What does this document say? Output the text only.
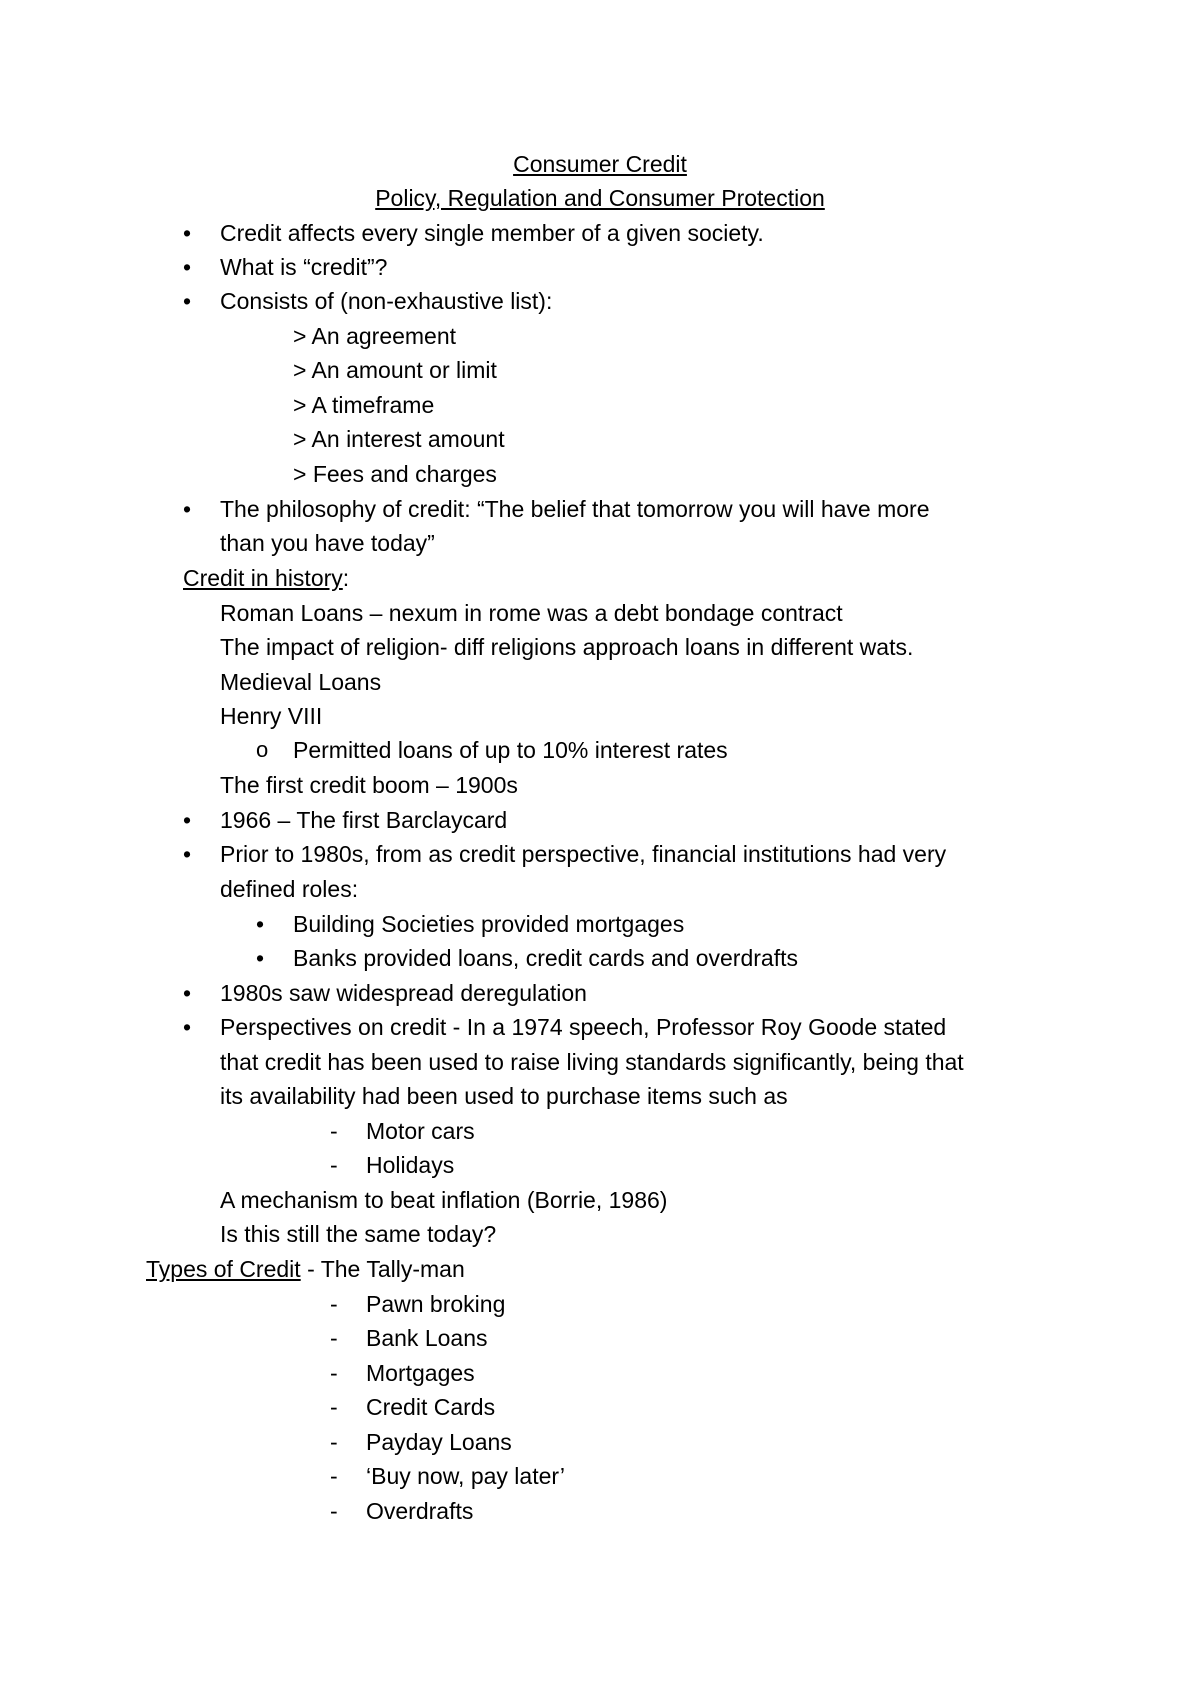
Consumer Credit
Policy, Regulation and Consumer Protection
• Credit affects every single member of a given society.
• What is “credit”?
• Consists of (non-exhaustive list):
> An agreement
> An amount or limit
> A timeframe
> An interest amount
> Fees and charges
• The philosophy of credit: “The belief that tomorrow you will have more
than you have today”
Credit in history:
Roman Loans – nexum in rome was a debt bondage contract
The impact of religion- diff religions approach loans in different wats.
Medieval Loans
Henry VIII
o Permitted loans of up to 10% interest rates
The first credit boom – 1900s
• 1966 – The first Barclaycard
• Prior to 1980s, from as credit perspective, financial institutions had very
defined roles:
• Building Societies provided mortgages
• Banks provided loans, credit cards and overdrafts
• 1980s saw widespread deregulation
• Perspectives on credit - In a 1974 speech, Professor Roy Goode stated
that credit has been used to raise living standards significantly, being that
its availability had been used to purchase items such as
- Motor cars
- Holidays
A mechanism to beat inflation (Borrie, 1986)
Is this still the same today?
Types of Credit - The Tally-man
- Pawn broking
- Bank Loans
- Mortgages
- Credit Cards
- Payday Loans
- ‘Buy now, pay later’
- Overdrafts
